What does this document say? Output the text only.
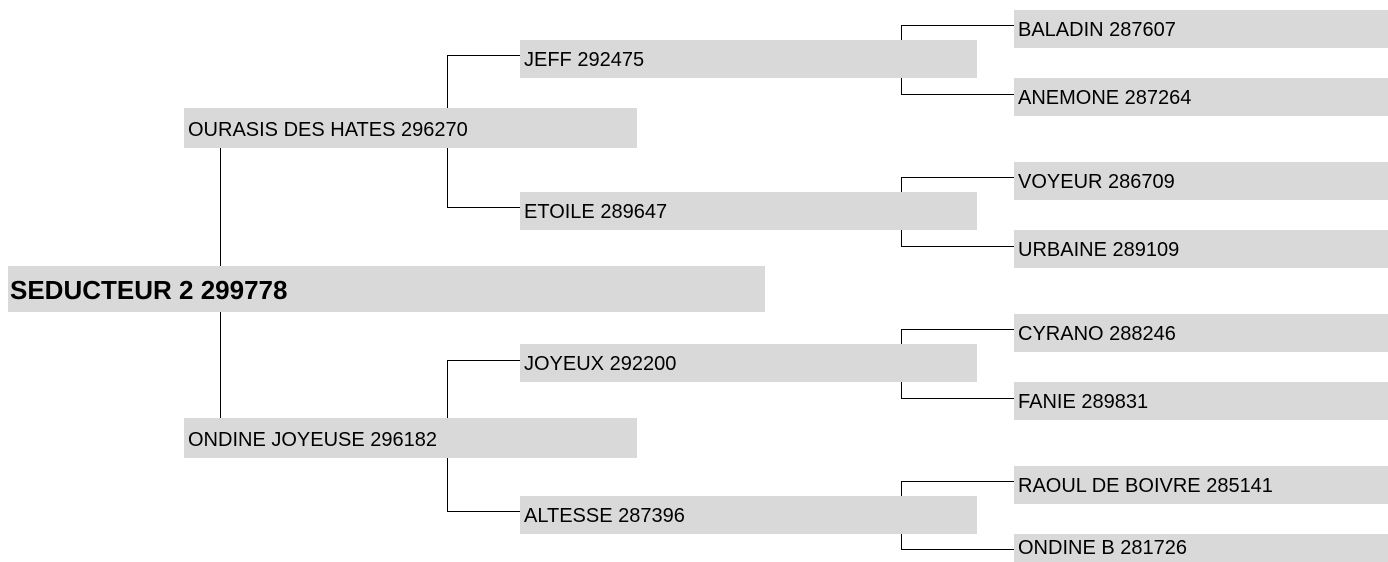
SEDUCTEUR 2 299778
OURASIS DES HATES 296270
ONDINE JOYEUSE 296182
JEFF 292475
ETOILE 289647
JOYEUX 292200
ALTESSE 287396
BALADIN 287607
ANEMONE 287264
VOYEUR 286709
URBAINE 289109
CYRANO 288246
FANIE 289831
RAOUL DE BOIVRE 285141
ONDINE B 281726
